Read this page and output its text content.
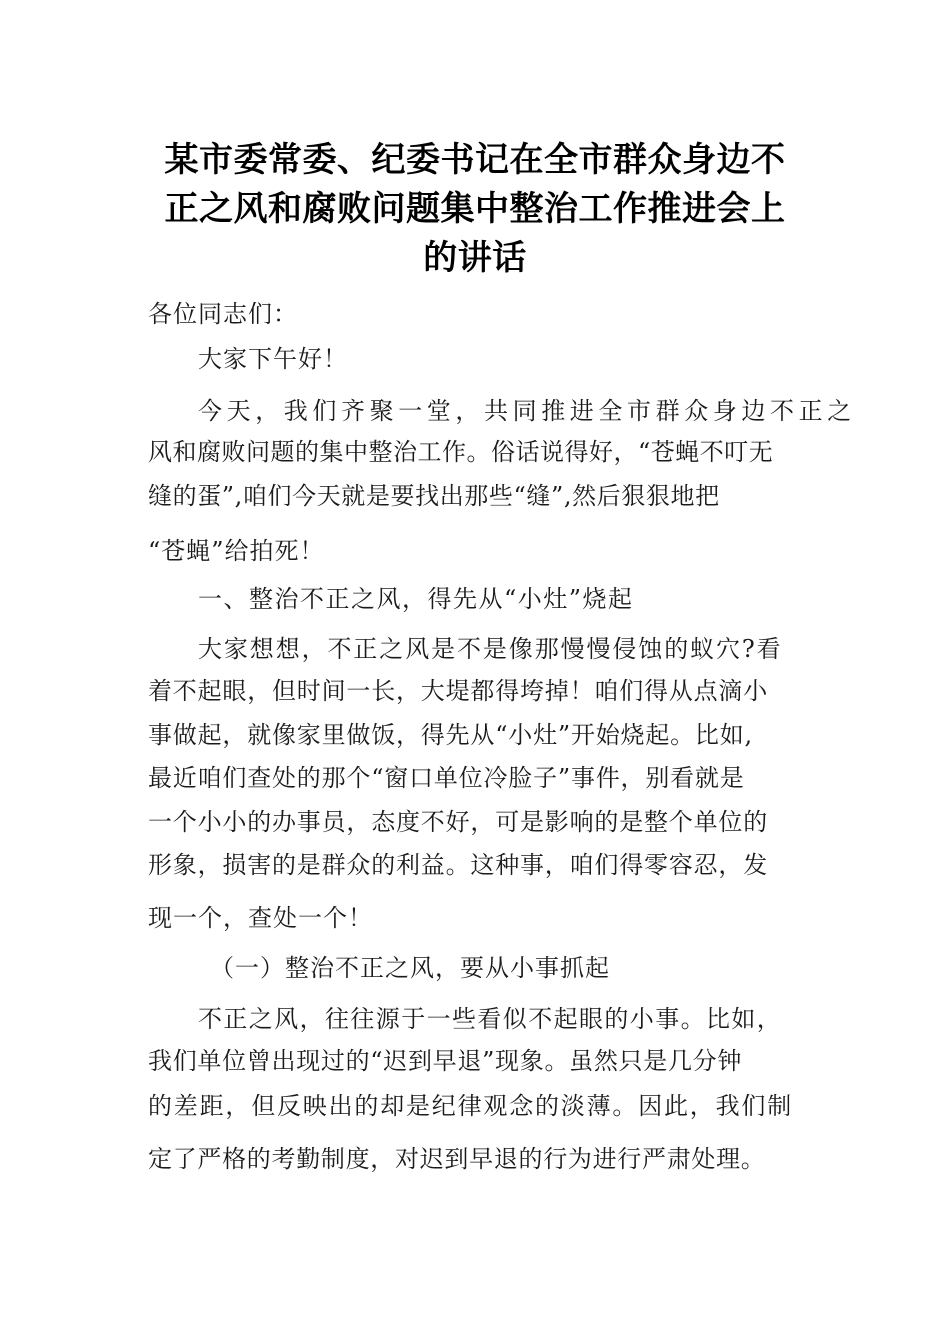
某市委常委、纪委书记在全市群众身边不
正之风和腐败问题集中整治工作推进会上
的讲话
各位同志们：
大家下午好！
今天，我们齐聚一堂，共同推进全市群众身边不正之
风和腐败问题的集中整治工作。俗话说得好，“苍蝇不叮无
缝的蛋”,咱们今天就是要找出那些“缝”,然后狠狠地把
“苍蝇”给拍死！
一、整治不正之风，得先从“小灶”烧起
大家想想，不正之风是不是像那慢慢侵蚀的蚁穴?看
着不起眼，但时间一长，大堤都得垮掉！咱们得从点滴小
事做起，就像家里做饭，得先从“小灶”开始烧起。比如,
最近咱们查处的那个“窗口单位冷脸子”事件，别看就是
一个小小的办事员，态度不好，可是影响的是整个单位的
形象，损害的是群众的利益。这种事，咱们得零容忍，发
现一个，查处一个！
（一）整治不正之风，要从小事抓起
不正之风，往往源于一些看似不起眼的小事。比如，
我们单位曾出现过的“迟到早退”现象。虽然只是几分钟
的差距，但反映出的却是纪律观念的淡薄。因此，我们制
定了严格的考勤制度，对迟到早退的行为进行严肃处理。
